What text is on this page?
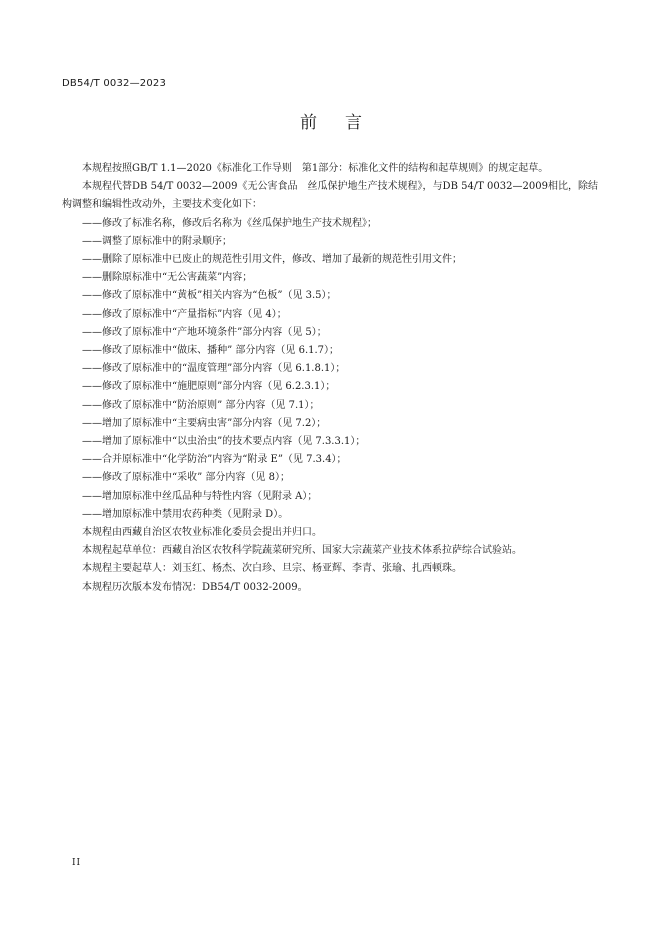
DB54/T 0032—2023
前言

本规程按照GB/T 1.1—2020《标准化工作导则　第1部分：标准化文件的结构和起草规则》的规定起草。

本规程代替DB 54/T 0032—2009《无公害食品　丝瓜保护地生产技术规程》，与DB 54/T 0032—2009相比，除结构调整和编辑性改动外，主要技术变化如下：

——修改了标准名称，修改后名称为《丝瓜保护地生产技术规程》；

——调整了原标准中的附录顺序；

——删除了原标准中已废止的规范性引用文件，修改、增加了最新的规范性引用文件；

——删除原标准中“无公害蔬菜”内容；

——修改了原标准中“黄板”相关内容为“色板”（见 3.5）；

——修改了原标准中“产量指标”内容（见 4）；

——修改了原标准中“产地环境条件”部分内容（见 5）；

——修改了原标准中“做床、播种” 部分内容（见 6.1.7）；

——修改了原标准中的“温度管理”部分内容（见 6.1.8.1）；

——修改了原标准中“施肥原则”部分内容（见 6.2.3.1）；

——修改了原标准中“防治原则” 部分内容（见 7.1）；

——增加了原标准中“主要病虫害”部分内容（见 7.2）；

——增加了原标准中“以虫治虫”的技术要点内容（见 7.3.3.1）；

——合并原标准中“化学防治”内容为“附录 E”（见 7.3.4）；

——修改了原标准中“采收” 部分内容（见 8）；

——增加原标准中丝瓜品种与特性内容（见附录 A）；

——增加原标准中禁用农药种类（见附录 D）。

本规程由西藏自治区农牧业标准化委员会提出并归口。

本规程起草单位：西藏自治区农牧科学院蔬菜研究所、国家大宗蔬菜产业技术体系拉萨综合试验站。

本规程主要起草人：刘玉红、杨杰、次白珍、旦宗、杨亚辉、李青、张瑜、扎西顿珠。

本规程历次版本发布情况：DB54/T 0032-2009。

II
